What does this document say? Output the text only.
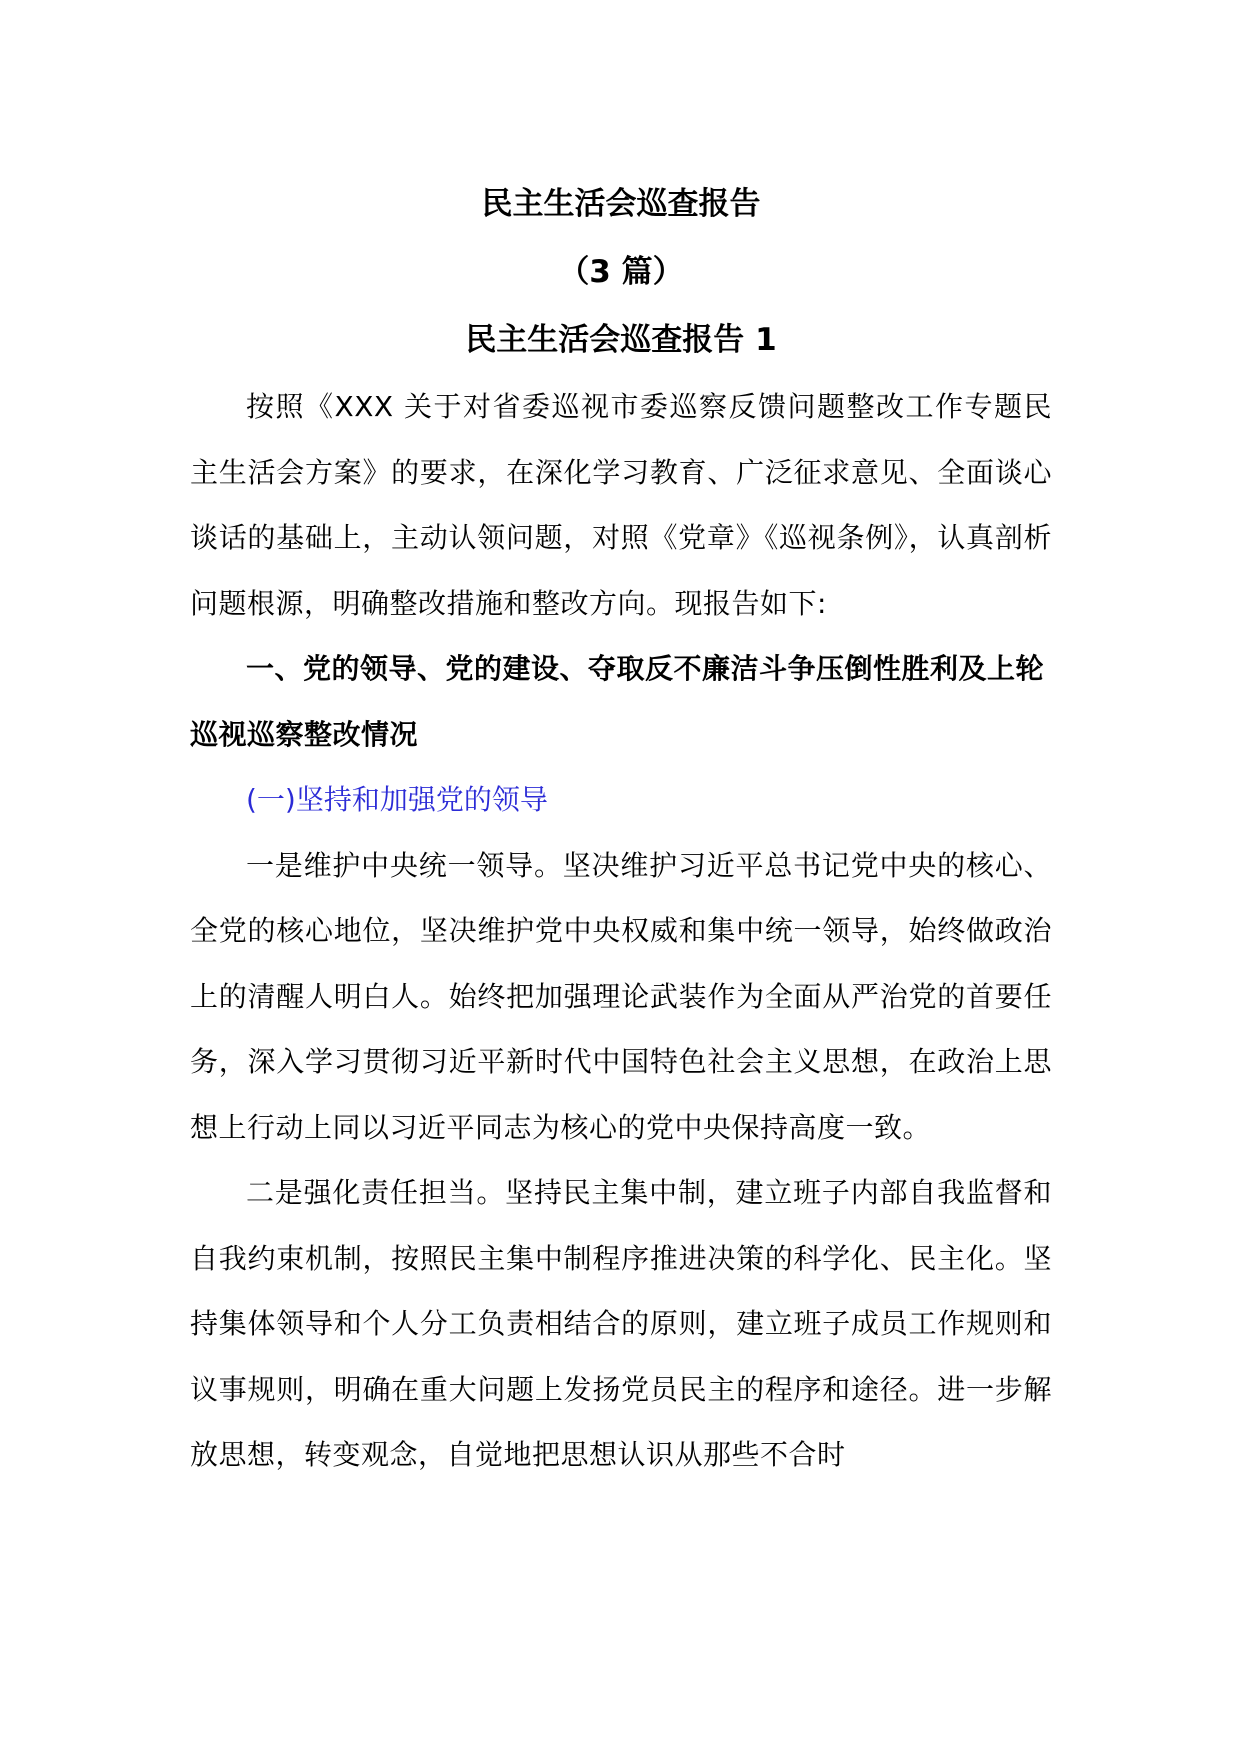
民主生活会巡查报告
（3 篇）
民主生活会巡查报告 1

按照《XXX 关于对省委巡视市委巡察反馈问题整改工作专题民主生活会方案》的要求，在深化学习教育、广泛征求意见、全面谈心谈话的基础上，主动认领问题，对照《党章》《巡视条例》，认真剖析问题根源，明确整改措施和整改方向。现报告如下:

一、党的领导、党的建设、夺取反不廉洁斗争压倒性胜利及上轮巡视巡察整改情况

(一)坚持和加强党的领导

一是维护中央统一领导。坚决维护习近平总书记党中央的核心、全党的核心地位，坚决维护党中央权威和集中统一领导，始终做政治上的清醒人明白人。始终把加强理论武装作为全面从严治党的首要任务，深入学习贯彻习近平新时代中国特色社会主义思想，在政治上思想上行动上同以习近平同志为核心的党中央保持高度一致。

二是强化责任担当。坚持民主集中制，建立班子内部自我监督和自我约束机制，按照民主集中制程序推进决策的科学化、民主化。坚持集体领导和个人分工负责相结合的原则，建立班子成员工作规则和议事规则，明确在重大问题上发扬党员民主的程序和途径。进一步解放思想，转变观念，自觉地把思想认识从那些不合时
